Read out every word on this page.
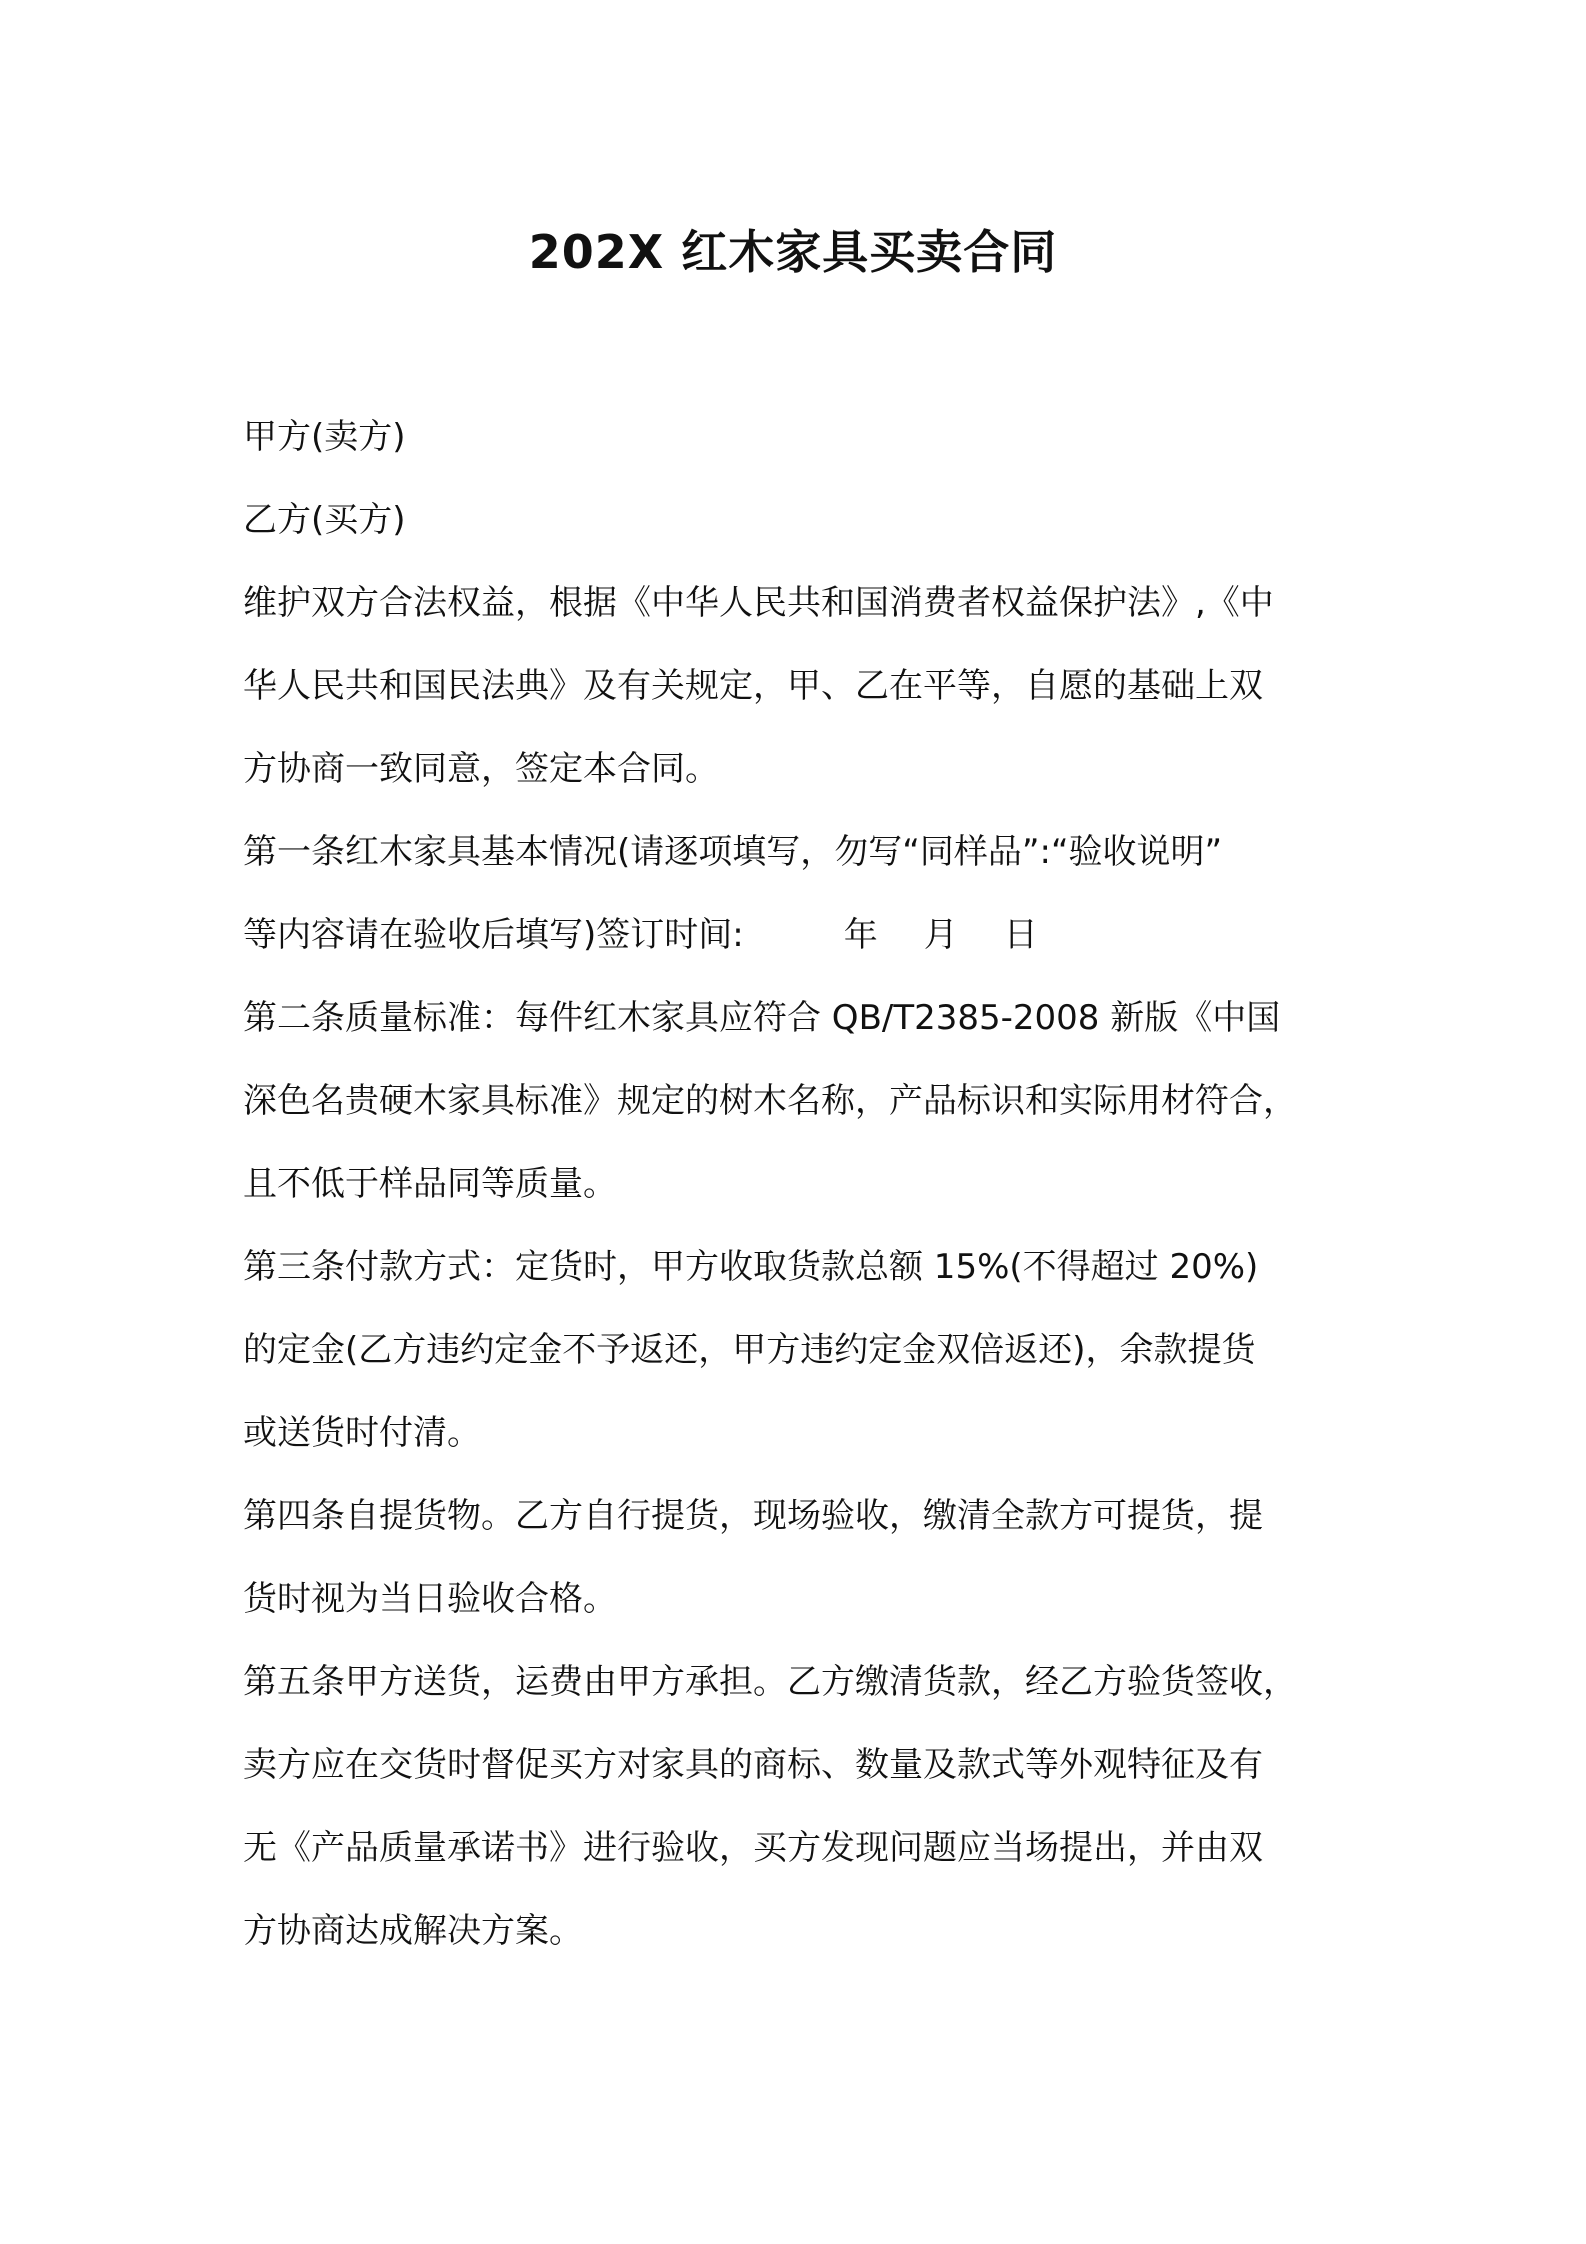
202X 红木家具买卖合同
甲方(卖方)
乙方(买方)
维护双方合法权益，根据《中华人民共和国消费者权益保护法》,《中
华人民共和国民法典》及有关规定，甲、乙在平等，自愿的基础上双
方协商一致同意，签定本合同。
第一条红木家具基本情况(请逐项填写，勿写“同样品”:“验收说明”
等内容请在验收后填写)签订时间:	年 月 日
第二条质量标准：每件红木家具应符合 QB/T2385-2008 新版《中国
深色名贵硬木家具标准》规定的树木名称，产品标识和实际用材符合，
且不低于样品同等质量。
第三条付款方式：定货时，甲方收取货款总额 15%(不得超过 20%)
的定金(乙方违约定金不予返还，甲方违约定金双倍返还)，余款提货
或送货时付清。
第四条自提货物。乙方自行提货，现场验收，缴清全款方可提货，提
货时视为当日验收合格。
第五条甲方送货，运费由甲方承担。乙方缴清货款，经乙方验货签收，
卖方应在交货时督促买方对家具的商标、数量及款式等外观特征及有
无《产品质量承诺书》进行验收，买方发现问题应当场提出，并由双
方协商达成解决方案。
